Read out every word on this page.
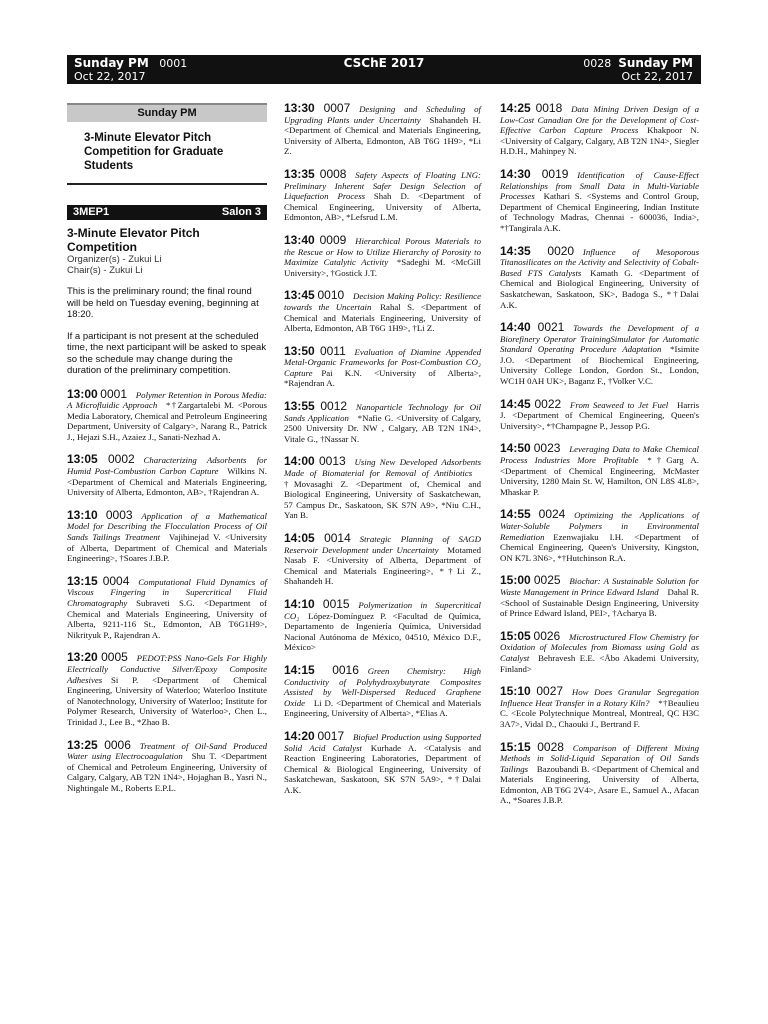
Sunday PM 0001
Oct 22, 2017
CSChE 2017	0028 Sunday PM
Oct 22, 2017
Sunday PM
3-Minute Elevator Pitch Competition for Graduate Students
3MEP1	Salon 3
3-Minute Elevator Pitch Competition
Organizer(s) - Zukui Li
Chair(s) - Zukui Li
This is the preliminary round; the final round will be held on Tuesday evening, beginning at 18:20.
If a participant is not present at the scheduled time, the next participant will be asked to speak so the schedule may change during the duration of the preliminary competition.
13:00 0001  Polymer Retention in Porous Media: A Microfluidic Approach  *†Zargartalebi M. <Porous Media Laboratory, Chemical and Petroleum Engineering Department, University of Calgary>, Narang R., Patrick J., Hejazi S.H., Azaiez J., Sanati-Nezhad A.
13:05 0002  Characterizing Adsorbents for Humid Post-Combustion Carbon Capture  Wilkins N. <Department of Chemical and Materials Engineering, University of Alberta, Edmonton, AB>, †Rajendran A.
13:10 0003  Application of a Mathematical Model for Describing the Flocculation Process of Oil Sands Tailings Treatment  Vajihinejad V. <University of Alberta, Department of Chemical and Materials Engineering>, †Soares J.B.P.
13:15 0004  Computational Fluid Dynamics of Viscous Fingering in Supercritical Fluid Chromatography  Subraveti S.G. <Department of Chemical and Materials Engineering, University of Alberta, 9211-116 St., Edmonton, AB T6G1H9>, Nikrityuk P., Rajendran A.
13:20 0005  PEDOT:PSS Nano-Gels For Highly Electrically Conductive Silver/Epoxy Composite Adhesives  Si P. <Department of Chemical Engineering, University of Waterloo; Waterloo Institute of Nanotechnology, University of Waterloo; Institute for Polymer Research, University of Waterloo>, Chen L., Trinidad J., Lee B., *Zhao B.
13:25 0006  Treatment of Oil-Sand Produced Water using Electrocoagulation  Shu T. <Department of Chemical and Petroleum Engineering, University of Calgary, Calgary, AB T2N 1N4>, Hojaghan B., Yasri N., Nightingale M., Roberts E.P.L.
13:30 0007  Designing and Scheduling of Upgrading Plants under Uncertainty  Shahandeh H. <Department of Chemical and Materials Engineering, University of Alberta, Edmonton, AB T6G 1H9>, *Li Z.
13:35 0008  Safety Aspects of Floating LNG: Preliminary Inherent Safer Design Selection of Liquefaction Process  Shah D. <Department of Chemical Engineering, University of Alberta, Edmonton, AB>, *Lefsrud L.M.
13:40 0009  Hierarchical Porous Materials to the Rescue or How to Utilize Hierarchy of Porosity to Maximize Catalytic Activity  *Sadeghi M. <McGill University>, †Gostick J.T.
13:45 0010  Decision Making Policy: Resilience towards the Uncertain  Rahal S. <Department of Chemical and Materials Engineering, University of Alberta, Edmonton, AB T6G 1H9>, †Li Z.
13:50 0011  Evaluation of Diamine Appended Metal-Organic Frameworks for Post-Combustion CO₂ Capture  Pai K.N. <University of Alberta>, *Rajendran A.
13:55 0012  Nanoparticle Technology for Oil Sands Application  *Nafie G. <University of Calgary, 2500 University Dr. NW , Calgary, AB T2N 1N4>, Vitale G., †Nassar N.
14:00 0013  Using New Developed Adsorbents Made of Biomaterial for Removal of Antibiotics †Movasaghi Z. <Department of, Chemical and Biological Engineering, University of Saskatchewan, 57 Campus Dr., Saskatoon, SK S7N A9>, *Niu C.H., Yan B.
14:05 0014  Strategic Planning of SAGD Reservoir Development under Uncertainty  Motamed Nasab F. <University of Alberta, Department of Chemical and Materials Engineering>, *†Li Z., Shahandeh H.
14:10 0015  Polymerization in Supercritical CO₂  López-Domínguez P. <Facultad de Química, Departamento de Ingeniería Química, Universidad Nacional Autónoma de México, 04510, México D.F., México>
14:15 0016  Green Chemistry: High Conductivity of Polyhydroxybutyrate Composites Assisted by Well-Dispersed Reduced Graphene Oxide  Li D. <Department of Chemical and Materials Engineering, University of Alberta>, *Elias A.
14:20 0017  Biofuel Production using Supported Solid Acid Catalyst  Kurhade A. <Catalysis and Reaction Engineering Laboratories, Department of Chemical & Biological Engineering, University of Saskatchewan, Saskatoon, SK S7N 5A9>, *†Dalai A.K.
14:25 0018  Data Mining Driven Design of a Low-Cost Canadian Ore for the Development of Cost-Effective Carbon Capture Process  Khakpoor N. <University of Calgary, Calgary, AB T2N 1N4>, Siegler H.D.H., Mahinpey N.
14:30 0019  Identification of Cause-Effect Relationships from Small Data in Multi-Variable Processes  Kathari S. <Systems and Control Group, Department of Chemical Engineering, Indian Institute of Technology Madras, Chennai - 600036, India>, *†Tangirala A.K.
14:35 0020  Influence of Mesoporous Titanosilicates on the Activity and Selectivity of Cobalt-Based FTS Catalysts  Kamath G. <Department of Chemical and Biological Engineering, University of Saskatchewan, Saskatoon, SK>, Badoga S., *†Dalai A.K.
14:40 0021  Towards the Development of a Biorefinery Operator TrainingSimulator for Automatic Standard Operating Procedure Adaptation  *Isimite J.O. <Department of Biochemical Engineering, University College London, Gordon St., London, WC1H 0AH UK>, Baganz F., †Volker V.C.
14:45 0022  From Seaweed to Jet Fuel  Harris J. <Department of Chemical Engineering, Queen's University>, *†Champagne P., Jessop P.G.
14:50 0023  Leveraging Data to Make Chemical Process Industries More Profitable  *†Garg A. <Department of Chemical Engineering, McMaster University, 1280 Main St. W, Hamilton, ON L8S 4L8>, Mhaskar P.
14:55 0024  Optimizing the Applications of Water-Soluble Polymers in Environmental Remediation  Ezenwajiaku I.H. <Department of Chemical Engineering, Queen's University, Kingston, ON K7L 3N6>, *†Hutchinson R.A.
15:00 0025  Biochar: A Sustainable Solution for Waste Management in Prince Edward Island  Dahal R. <School of Sustainable Design Engineering, University of Prince Edward Island, PEI>, †Acharya B.
15:05 0026  Microstructured Flow Chemistry for Oxidation of Molecules from Biomass using Gold as Catalyst  Behravesh E.E. <Åbo Akademi University, Finland>
15:10 0027  How Does Granular Segregation Influence Heat Transfer in a Rotary Kiln?  *†Beaulieu C. <Ecole Polytechnique Montreal, Montreal, QC H3C 3A7>, Vidal D., Chaouki J., Bertrand F.
15:15 0028  Comparison of Different Mixing Methods in Solid-Liquid Separation of Oil Sands Tailings  Bazoubandi B. <Department of Chemical and Materials Engineering, University of Alberta, Edmonton, AB T6G 2V4>, Asare E., Samuel A., Afacan A., *Soares J.B.P.
